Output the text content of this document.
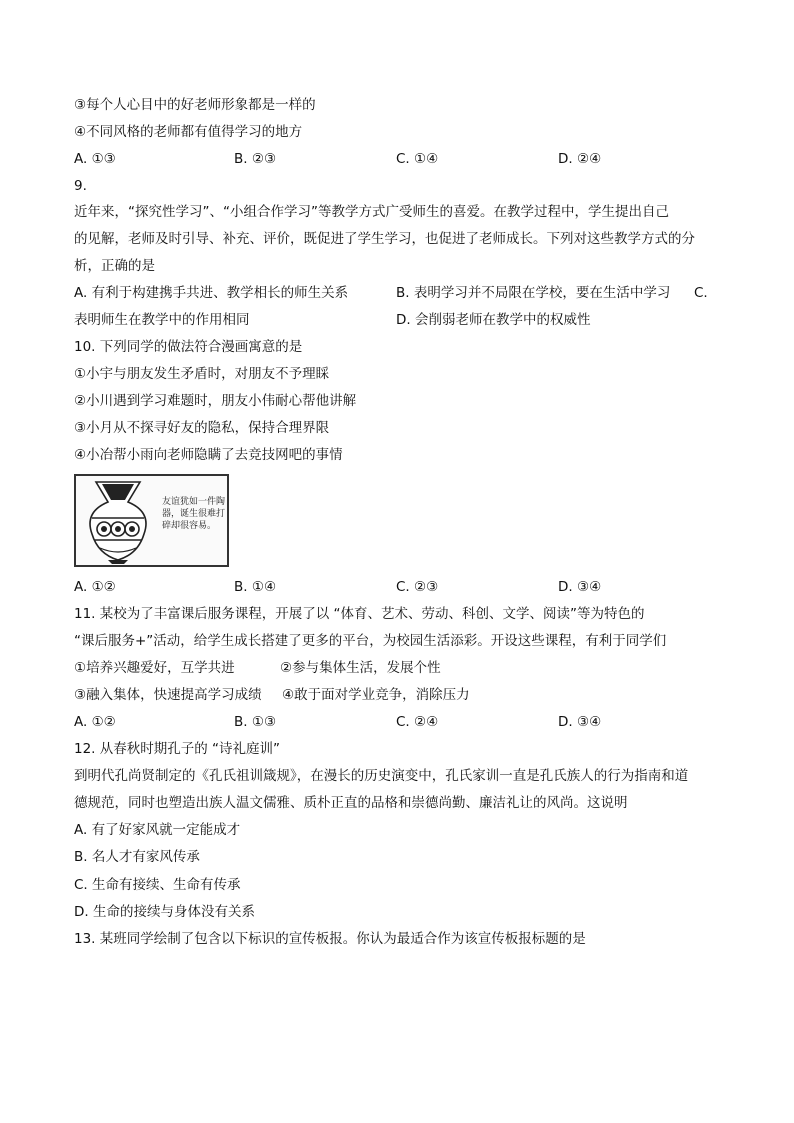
③每个人心目中的好老师形象都是一样的
④不同风格的老师都有值得学习的地方
A. ①③	B. ②③	C. ①④	D. ②④
9.
近年来，“探究性学习”、“小组合作学习”等教学方式广受师生的喜爱。在教学过程中，学生提出自己
的见解，老师及时引导、补充、评价，既促进了学生学习，也促进了老师成长。下列对这些教学方式的分
析，正确的是
A. 有利于构建携手共进、教学相长的师生关系	B. 表明学习并不局限在学校，要在生活中学习 C.
表明师生在教学中的作用相同	D. 会削弱老师在教学中的权威性
10. 下列同学的做法符合漫画寓意的是
①小宇与朋友发生矛盾时，对朋友不予理睬
②小川遇到学习难题时，朋友小伟耐心帮他讲解
③小月从不探寻好友的隐私，保持合理界限
④小冶帮小雨向老师隐瞒了去竞技网吧的事情
友谊犹如一件陶器，诞生很难打碎却很容易。
A. ①②	B. ①④	C. ②③	D. ③④
11. 某校为了丰富课后服务课程，开展了以 “体育、艺术、劳动、科创、文学、阅读”等为特色的
“课后服务+”活动，给学生成长搭建了更多的平台，为校园生活添彩。开设这些课程，有利于同学们
①培养兴趣爱好，互学共进	②参与集体生活，发展个性
③融入集体，快速提高学习成绩 ④敢于面对学业竞争，消除压力
A. ①②	B. ①③	C. ②④	D. ③④
12. 从春秋时期孔子的 “诗礼庭训”
到明代孔尚贤制定的《孔氏祖训箴规》，在漫长的历史演变中，孔氏家训一直是孔氏族人的行为指南和道
德规范，同时也塑造出族人温文儒雅、质朴正直的品格和崇德尚勤、廉洁礼让的风尚。这说明
A. 有了好家风就一定能成才
B. 名人才有家风传承
C. 生命有接续、生命有传承
D. 生命的接续与身体没有关系
13. 某班同学绘制了包含以下标识的宣传板报。你认为最适合作为该宣传板报标题的是
